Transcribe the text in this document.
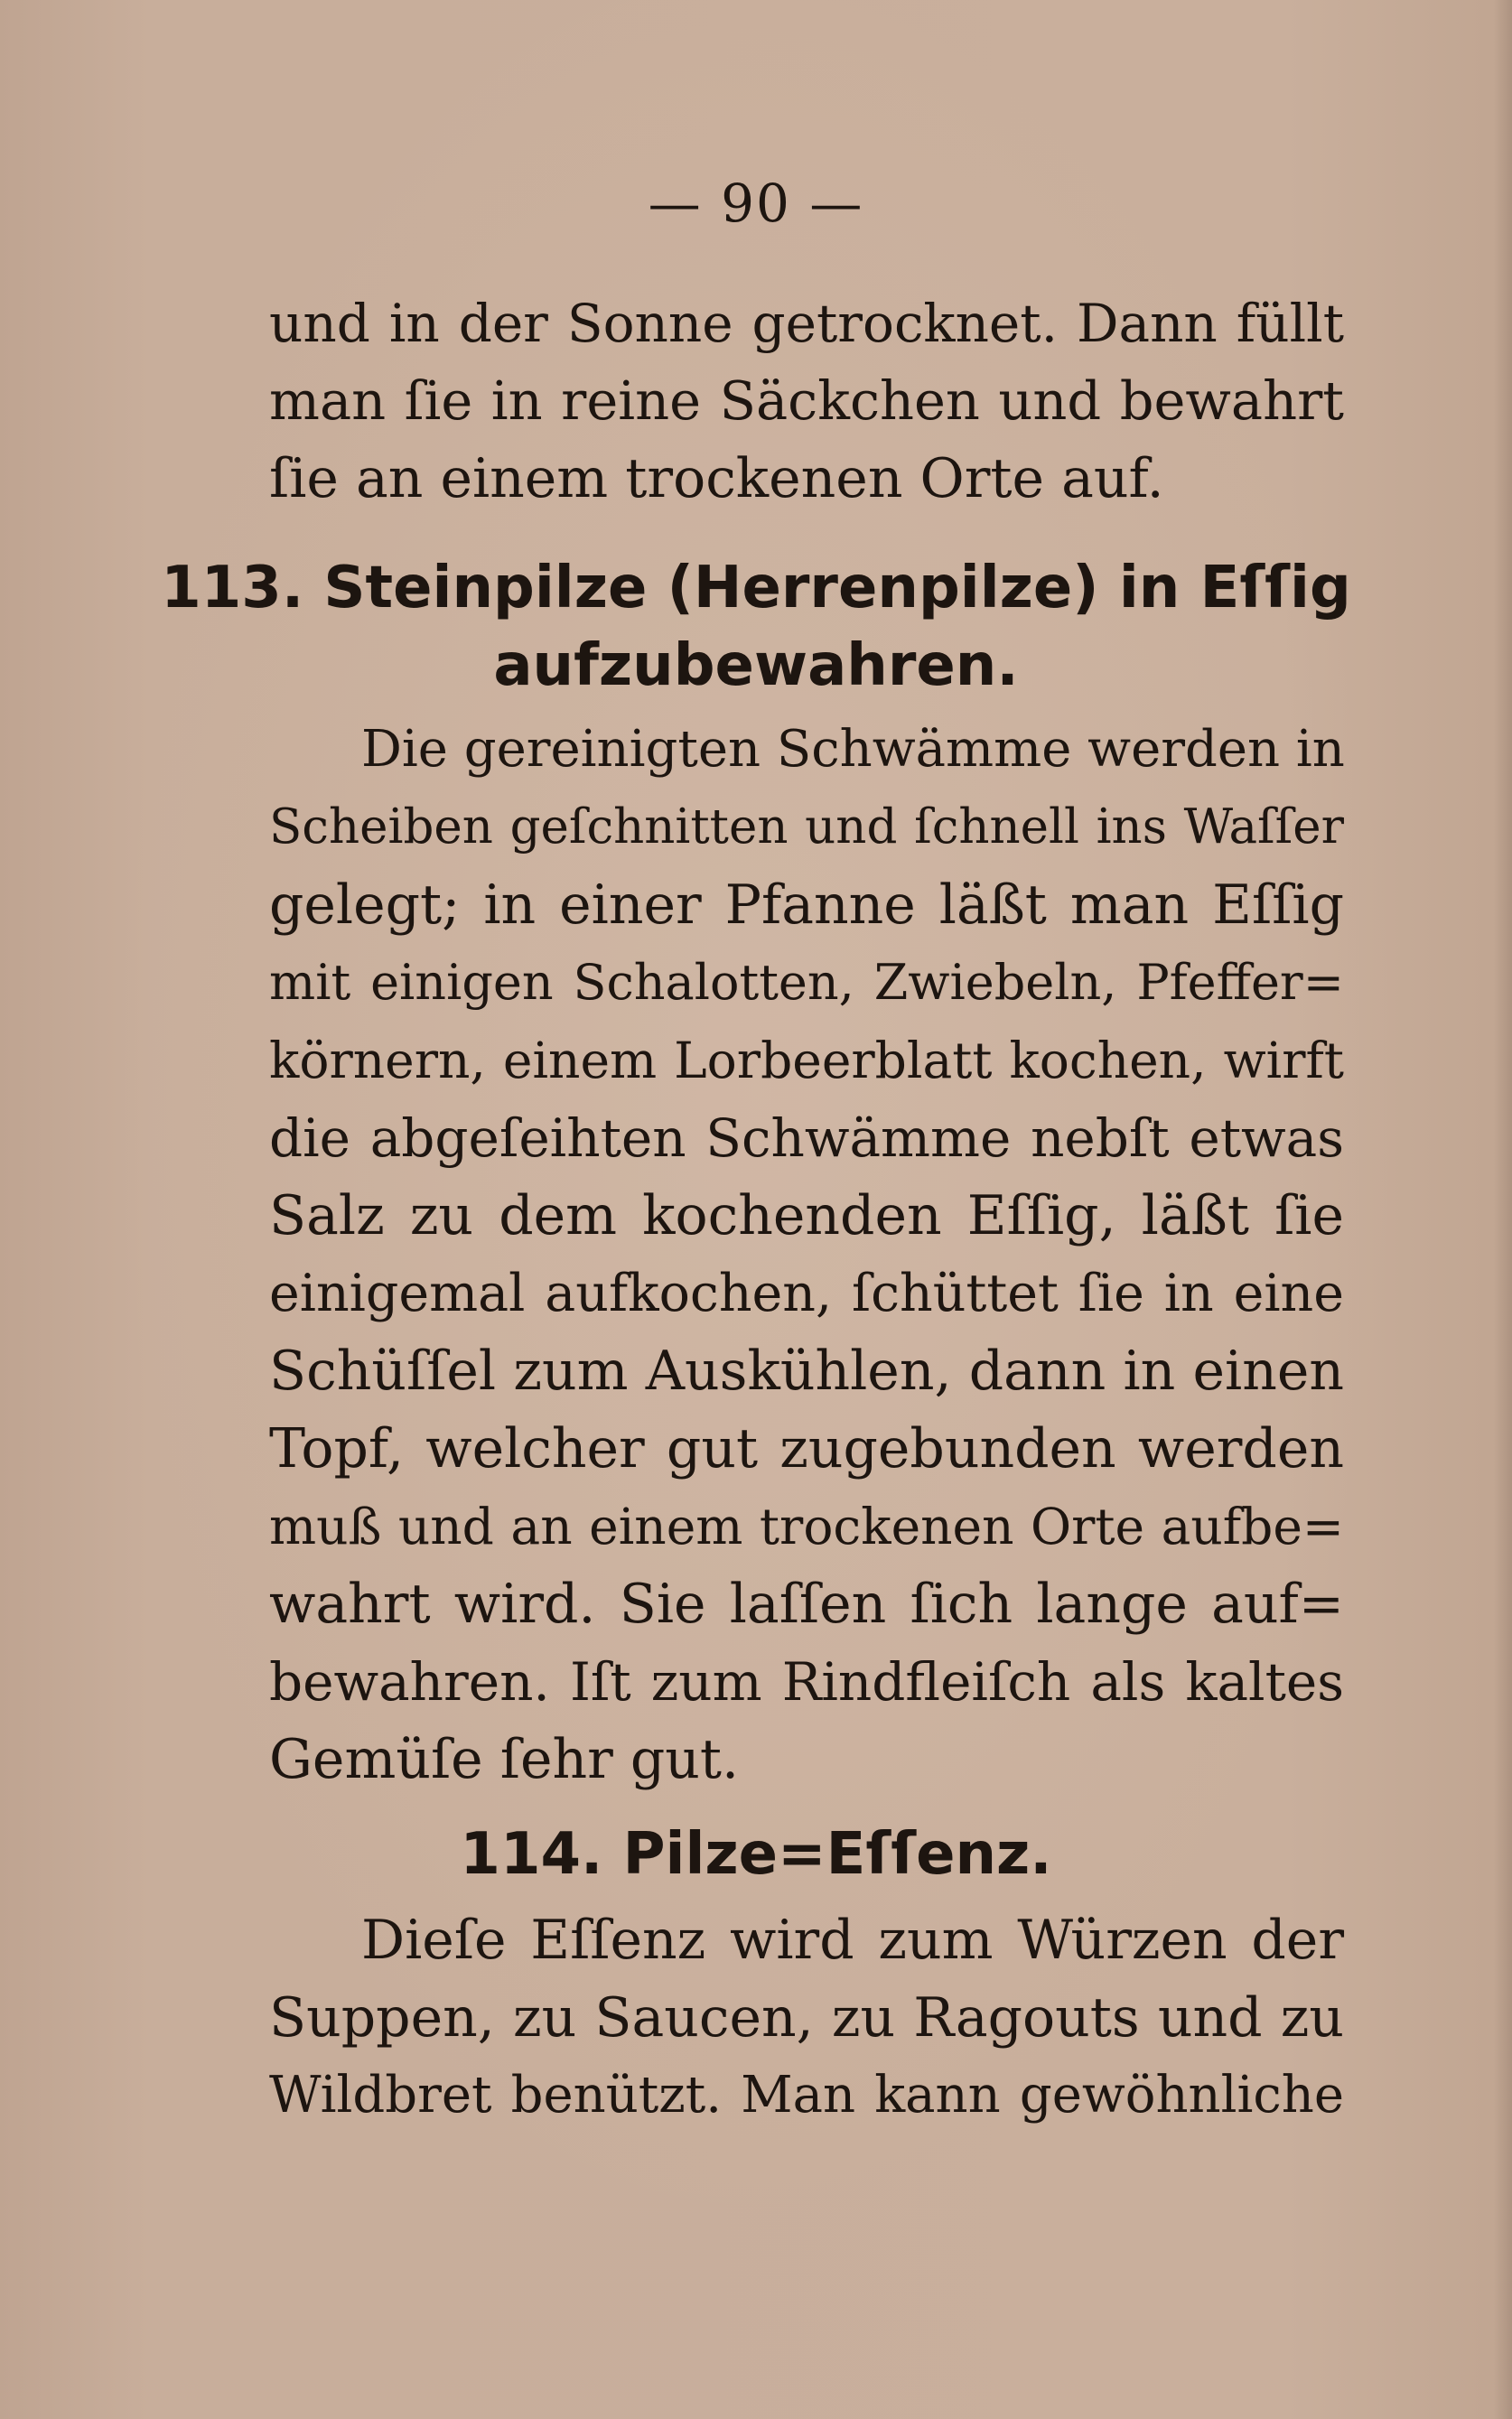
— 90 —
und in der Sonne getrocknet. Dann füllt
man ſie in reine Säckchen und bewahrt
ſie an einem trockenen Orte auf.
113. Steinpilze (Herrenpilze) in Eſſig
aufzubewahren.
Die gereinigten Schwämme werden in
Scheiben geſchnitten und ſchnell ins Waſſer
gelegt; in einer Pfanne läßt man Eſſig
mit einigen Schalotten, Zwiebeln, Pfeffer=
körnern, einem Lorbeerblatt kochen, wirft
die abgeſeihten Schwämme nebſt etwas
Salz zu dem kochenden Eſſig, läßt ſie
einigemal aufkochen, ſchüttet ſie in eine
Schüſſel zum Auskühlen, dann in einen
Topf, welcher gut zugebunden werden
muß und an einem trockenen Orte aufbe=
wahrt wird. Sie laſſen ſich lange auf=
bewahren. Iſt zum Rindfleiſch als kaltes
Gemüſe ſehr gut.
114. Pilze=Eſſenz.
Dieſe Eſſenz wird zum Würzen der
Suppen, zu Saucen, zu Ragouts und zu
Wildbret benützt. Man kann gewöhnliche
